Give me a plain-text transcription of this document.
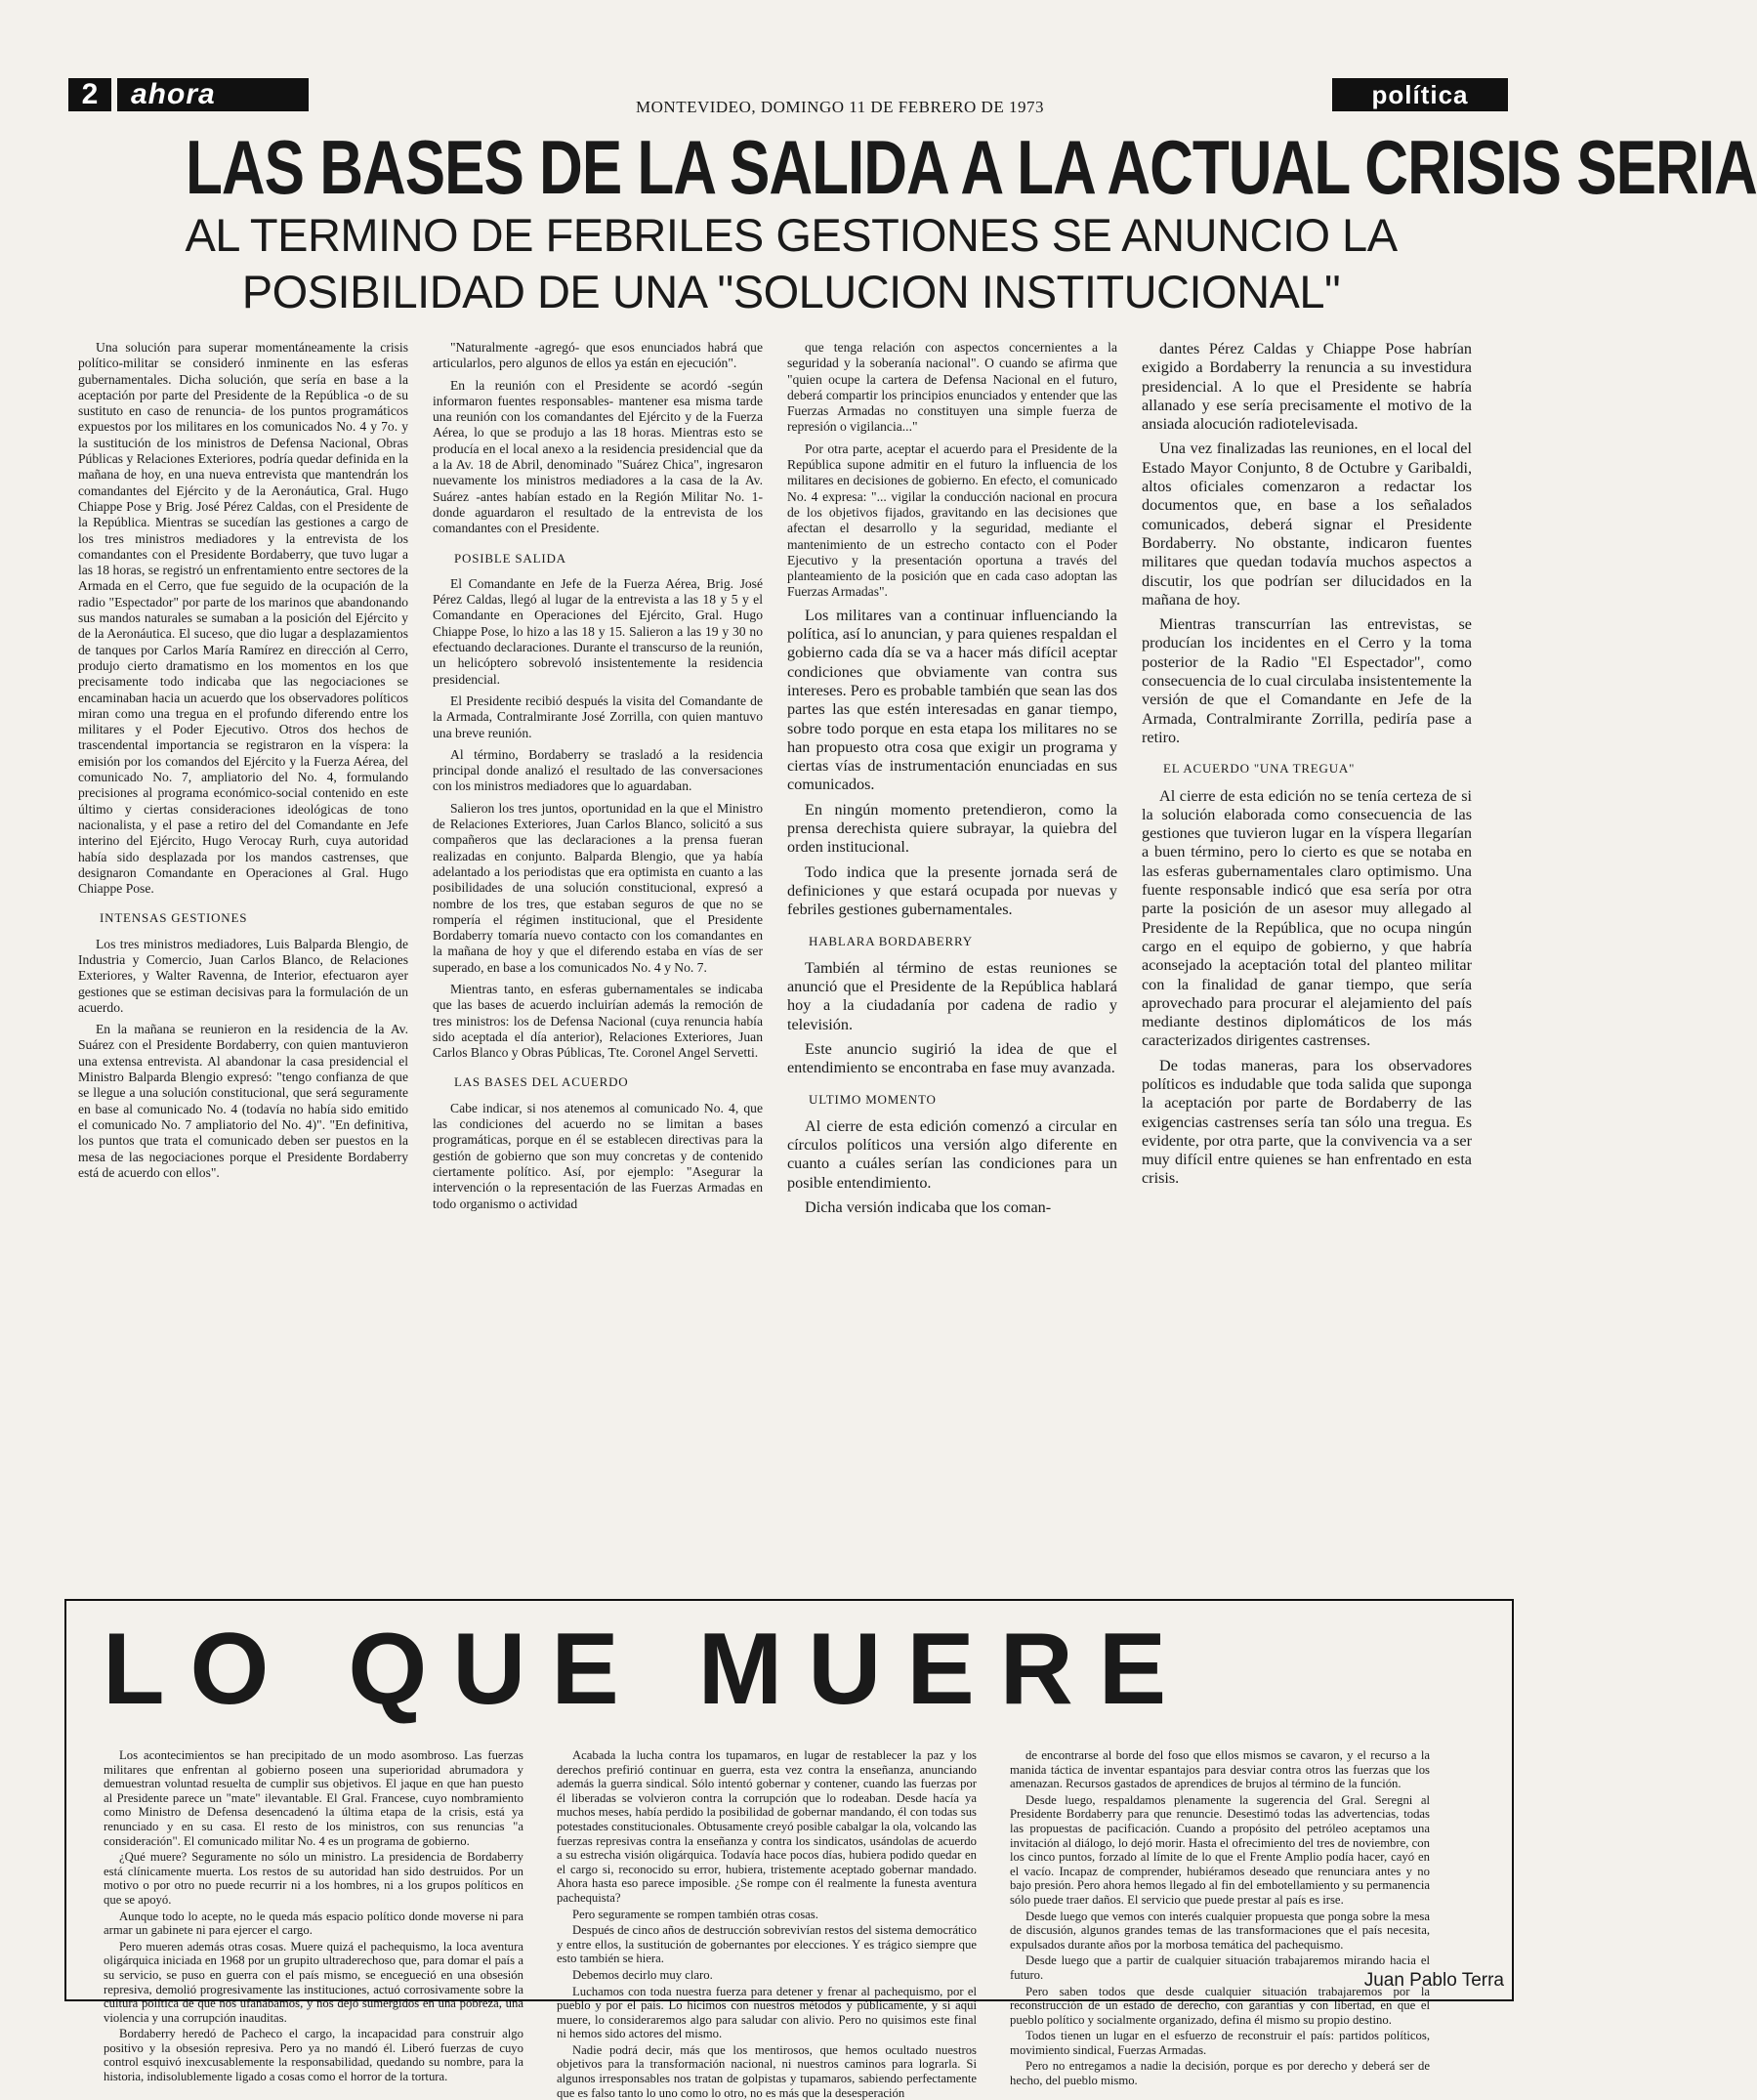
2	ahora	MONTEVIDEO, DOMINGO 11 DE FEBRERO DE 1973	política
LAS BASES DE LA SALIDA A LA ACTUAL CRISIS SERIA
AL TERMINO DE FEBRILES GESTIONES SE ANUNCIO LA POSIBILIDAD DE UNA "SOLUCION INSTITUCIONAL"

Una solución para superar momentáneamente la crisis político-militar se consideró inminente en las esferas gubernamentales. Dicha solución, que sería en base a la aceptación por parte del Presidente de la República -o de su sustituto en caso de renuncia- de los puntos programáticos expuestos por los militares en los comunicados No. 4 y 7o. y la sustitución de los ministros de Defensa Nacional, Obras Públicas y Relaciones Exteriores, podría quedar definida en la mañana de hoy, en una nueva entrevista que mantendrán los comandantes del Ejército y de la Aeronáutica, Gral. Hugo Chiappe Pose y Brig. José Pérez Caldas, con el Presidente de la República. Mientras se sucedían las gestiones a cargo de los tres ministros mediadores y la entrevista de los comandantes con el Presidente Bordaberry, que tuvo lugar a las 18 horas, se registró un enfrentamiento entre sectores de la Armada en el Cerro, que fue seguido de la ocupación de la radio "Espectador" por parte de los marinos que abandonando sus mandos naturales se sumaban a la posición del Ejército y de la Aeronáutica. El suceso, que dio lugar a desplazamientos de tanques por Carlos María Ramírez en dirección al Cerro, produjo cierto dramatismo en los momentos en los que precisamente todo indicaba que las negociaciones se encaminaban hacia un acuerdo que los observadores políticos miran como una tregua en el profundo diferendo entre los militares y el Poder Ejecutivo. Otros dos hechos de trascendental importancia se registraron en la víspera: la emisión por los comandos del Ejército y la Fuerza Aérea, del comunicado No. 7, ampliatorio del No. 4, formulando precisiones al programa económico-social contenido en este último y ciertas consideraciones ideológicas de tono nacionalista, y el pase a retiro del del Comandante en Jefe interino del Ejército, Hugo Verocay Rurh, cuya autoridad había sido desplazada por los mandos castrenses, que designaron Comandante en Operaciones al Gral. Hugo Chiappe Pose.

INTENSAS GESTIONES

Los tres ministros mediadores, Luis Balparda Blengio, de Industria y Comercio, Juan Carlos Blanco, de Relaciones Exteriores, y Walter Ravenna, de Interior, efectuaron ayer gestiones que se estiman decisivas para la formulación de un acuerdo.

En la mañana se reunieron en la residencia de la Av. Suárez con el Presidente Bordaberry, con quien mantuvieron una extensa entrevista. Al abandonar la casa presidencial el Ministro Balparda Blengio expresó: "tengo confianza de que se llegue a una solución constitucional, que será seguramente en base al comunicado No. 4 (todavía no había sido emitido el comunicado No. 7 ampliatorio del No. 4)". "En definitiva, los puntos que trata el comunicado deben ser puestos en la mesa de las negociaciones porque el Presidente Bordaberry está de acuerdo con ellos".

"Naturalmente -agregó- que esos enunciados habrá que articularlos, pero algunos de ellos ya están en ejecución".

En la reunión con el Presidente se acordó -según informaron fuentes responsables- mantener esa misma tarde una reunión con los comandantes del Ejército y de la Fuerza Aérea, lo que se produjo a las 18 horas. Mientras esto se producía en el local anexo a la residencia presidencial que da a la Av. 18 de Abril, denominado "Suárez Chica", ingresaron nuevamente los ministros mediadores a la casa de la Av. Suárez -antes habían estado en la Región Militar No. 1- donde aguardaron el resultado de la entrevista de los comandantes con el Presidente.

POSIBLE SALIDA

El Comandante en Jefe de la Fuerza Aérea, Brig. José Pérez Caldas, llegó al lugar de la entrevista a las 18 y 5 y el Comandante en Operaciones del Ejército, Gral. Hugo Chiappe Pose, lo hizo a las 18 y 15. Salieron a las 19 y 30 no efectuando declaraciones. Durante el transcurso de la reunión, un helicóptero sobrevoló insistentemente la residencia presidencial.

El Presidente recibió después la visita del Comandante de la Armada, Contralmirante José Zorrilla, con quien mantuvo una breve reunión.

Al término, Bordaberry se trasladó a la residencia principal donde analizó el resultado de las conversaciones con los ministros mediadores que lo aguardaban.

Salieron los tres juntos, oportunidad en la que el Ministro de Relaciones Exteriores, Juan Carlos Blanco, solicitó a sus compañeros que las declaraciones a la prensa fueran realizadas en conjunto. Balparda Blengio, que ya había adelantado a los periodistas que era optimista en cuanto a las posibilidades de una solución constitucional, expresó a nombre de los tres, que estaban seguros de que no se rompería el régimen institucional, que el Presidente Bordaberry tomaría nuevo contacto con los comandantes en la mañana de hoy y que el diferendo estaba en vías de ser superado, en base a los comunicados No. 4 y No. 7.

Mientras tanto, en esferas gubernamentales se indicaba que las bases de acuerdo incluirían además la remoción de tres ministros: los de Defensa Nacional (cuya renuncia había sido aceptada el día anterior), Relaciones Exteriores, Juan Carlos Blanco y Obras Públicas, Tte. Coronel Angel Servetti.

LAS BASES DEL ACUERDO

Cabe indicar, si nos atenemos al comunicado No. 4, que las condiciones del acuerdo no se limitan a bases programáticas, porque en él se establecen directivas para la gestión de gobierno que son muy concretas y de contenido ciertamente político. Así, por ejemplo: "Asegurar la intervención o la representación de las Fuerzas Armadas en todo organismo o actividad

que tenga relación con aspectos concernientes a la seguridad y la soberanía nacional". O cuando se afirma que "quien ocupe la cartera de Defensa Nacional en el futuro, deberá compartir los principios enunciados y entender que las Fuerzas Armadas no constituyen una simple fuerza de represión o vigilancia..."

Por otra parte, aceptar el acuerdo para el Presidente de la República supone admitir en el futuro la influencia de los militares en decisiones de gobierno. En efecto, el comunicado No. 4 expresa: "... vigilar la conducción nacional en procura de los objetivos fijados, gravitando en las decisiones que afectan el desarrollo y la seguridad, mediante el mantenimiento de un estrecho contacto con el Poder Ejecutivo y la presentación oportuna a través del planteamiento de la posición que en cada caso adoptan las Fuerzas Armadas".

Los militares van a continuar influenciando la política, así lo anuncian, y para quienes respaldan el gobierno cada día se va a hacer más difícil aceptar condiciones que obviamente van contra sus intereses. Pero es probable también que sean las dos partes las que estén interesadas en ganar tiempo, sobre todo porque en esta etapa los militares no se han propuesto otra cosa que exigir un programa y ciertas vías de instrumentación enunciadas en sus comunicados.

En ningún momento pretendieron, como la prensa derechista quiere subrayar, la quiebra del orden institucional.

Todo indica que la presente jornada será de definiciones y que estará ocupada por nuevas y febriles gestiones gubernamentales.

HABLARA BORDABERRY

También al término de estas reuniones se anunció que el Presidente de la República hablará hoy a la ciudadanía por cadena de radio y televisión.

Este anuncio sugirió la idea de que el entendimiento se encontraba en fase muy avanzada.

ULTIMO MOMENTO

Al cierre de esta edición comenzó a circular en círculos políticos una versión algo diferente en cuanto a cuáles serían las condiciones para un posible entendimiento.

Dicha versión indicaba que los coman-

dantes Pérez Caldas y Chiappe Pose habrían exigido a Bordaberry la renuncia a su investidura presidencial. A lo que el Presidente se habría allanado y ese sería precisamente el motivo de la ansiada alocución radiotelevisada.

Una vez finalizadas las reuniones, en el local del Estado Mayor Conjunto, 8 de Octubre y Garibaldi, altos oficiales comenzaron a redactar los documentos que, en base a los señalados comunicados, deberá signar el Presidente Bordaberry. No obstante, indicaron fuentes militares que quedan todavía muchos aspectos a discutir, los que podrían ser dilucidados en la mañana de hoy.

Mientras transcurrían las entrevistas, se producían los incidentes en el Cerro y la toma posterior de la Radio "El Espectador", como consecuencia de lo cual circulaba insistentemente la versión de que el Comandante en Jefe de la Armada, Contralmirante Zorrilla, pediría pase a retiro.

EL ACUERDO "UNA TREGUA"

Al cierre de esta edición no se tenía certeza de si la solución elaborada como consecuencia de las gestiones que tuvieron lugar en la víspera llegarían a buen término, pero lo cierto es que se notaba en las esferas gubernamentales claro optimismo. Una fuente responsable indicó que esa sería por otra parte la posición de un asesor muy allegado al Presidente de la República, que no ocupa ningún cargo en el equipo de gobierno, y que habría aconsejado la aceptación total del planteo militar con la finalidad de ganar tiempo, que sería aprovechado para procurar el alejamiento del país mediante destinos diplomáticos de los más caracterizados dirigentes castrenses.

De todas maneras, para los observadores políticos es indudable que toda salida que suponga la aceptación por parte de Bordaberry de las exigencias castrenses sería tan sólo una tregua. Es evidente, por otra parte, que la convivencia va a ser muy difícil entre quienes se han enfrentado en esta crisis.

LO QUE MUERE

Los acontecimientos se han precipitado de un modo asombroso. Las fuerzas militares que enfrentan al gobierno poseen una superioridad abrumadora y demuestran voluntad resuelta de cumplir sus objetivos. El jaque en que han puesto al Presidente parece un "mate" ilevantable. El Gral. Francese, cuyo nombramiento como Ministro de Defensa desencadenó la última etapa de la crisis, está ya renunciado y en su casa. El resto de los ministros, con sus renuncias "a consideración". El comunicado militar No. 4 es un programa de gobierno.

¿Qué muere? Seguramente no sólo un ministro. La presidencia de Bordaberry está clínicamente muerta. Los restos de su autoridad han sido destruidos. Por un motivo o por otro no puede recurrir ni a los hombres, ni a los grupos políticos en que se apoyó.

Aunque todo lo acepte, no le queda más espacio político donde moverse ni para armar un gabinete ni para ejercer el cargo.

Pero mueren además otras cosas. Muere quizá el pachequismo, la loca aventura oligárquica iniciada en 1968 por un grupito ultraderechoso que, para domar el país a su servicio, se puso en guerra con el país mismo, se encegueció en una obsesión represiva, demolió progresivamente las instituciones, actuó corrosivamente sobre la cultura política de que nos ufanábamos, y nos dejó sumergidos en una pobreza, una violencia y una corrupción inauditas.

Bordaberry heredó de Pacheco el cargo, la incapacidad para construir algo positivo y la obsesión represiva. Pero ya no mandó él. Liberó fuerzas de cuyo control esquivó inexcusablemente la responsabilidad, quedando su nombre, para la historia, indisolublemente ligado a cosas como el horror de la tortura.

Acabada la lucha contra los tupamaros, en lugar de restablecer la paz y los derechos prefirió continuar en guerra, esta vez contra la enseñanza, anunciando además la guerra sindical. Sólo intentó gobernar y contener, cuando las fuerzas por él liberadas se volvieron contra la corrupción que lo rodeaban. Desde hacía ya muchos meses, había perdido la posibilidad de gobernar mandando, él con todas sus potestades constitucionales. Obtusamente creyó posible cabalgar la ola, volcando las fuerzas represivas contra la enseñanza y contra los sindicatos, usándolas de acuerdo a su estrecha visión oligárquica. Todavía hace pocos días, hubiera podido quedar en el cargo si, reconocido su error, hubiera, tristemente aceptado gobernar mandado. Ahora hasta eso parece imposible. ¿Se rompe con él realmente la funesta aventura pachequista?

Pero seguramente se rompen también otras cosas.

Después de cinco años de destrucción sobrevivían restos del sistema democrático y entre ellos, la sustitución de gobernantes por elecciones. Y es trágico siempre que esto también se hiera.

Debemos decirlo muy claro.

Luchamos con toda nuestra fuerza para detener y frenar al pachequismo, por el pueblo y por el país. Lo hicimos con nuestros métodos y públicamente, y si aquí muere, lo consideraremos algo para saludar con alivio. Pero no quisimos este final ni hemos sido actores del mismo.

Nadie podrá decir, más que los mentirosos, que hemos ocultado nuestros objetivos para la transformación nacional, ni nuestros caminos para lograrla. Si algunos irresponsables nos tratan de golpistas y tupamaros, sabiendo perfectamente que es falso tanto lo uno como lo otro, no es más que la desesperación

de encontrarse al borde del foso que ellos mismos se cavaron, y el recurso a la manida táctica de inventar espantajos para desviar contra otros las fuerzas que los amenazan. Recursos gastados de aprendices de brujos al término de la función.

Desde luego, respaldamos plenamente la sugerencia del Gral. Seregni al Presidente Bordaberry para que renuncie. Desestimó todas las advertencias, todas las propuestas de pacificación. Cuando a propósito del petróleo aceptamos una invitación al diálogo, lo dejó morir. Hasta el ofrecimiento del tres de noviembre, con los cinco puntos, forzado al límite de lo que el Frente Amplio podía hacer, cayó en el vacío. Incapaz de comprender, hubiéramos deseado que renunciara antes y no bajo presión. Pero ahora hemos llegado al fin del embotellamiento y su permanencia sólo puede traer daños. El servicio que puede prestar al país es irse.

Desde luego que vemos con interés cualquier propuesta que ponga sobre la mesa de discusión, algunos grandes temas de las transformaciones que el país necesita, expulsados durante años por la morbosa temática del pachequismo.

Desde luego que a partir de cualquier situación trabajaremos mirando hacia el futuro.

Pero saben todos que desde cualquier situación trabajaremos por la reconstrucción de un estado de derecho, con garantías y con libertad, en que el pueblo político y socialmente organizado, defina él mismo su propio destino.

Todos tienen un lugar en el esfuerzo de reconstruir el país: partidos políticos, movimiento sindical, Fuerzas Armadas.

Pero no entregamos a nadie la decisión, porque es por derecho y deberá ser de hecho, del pueblo mismo.

Juan Pablo Terra
